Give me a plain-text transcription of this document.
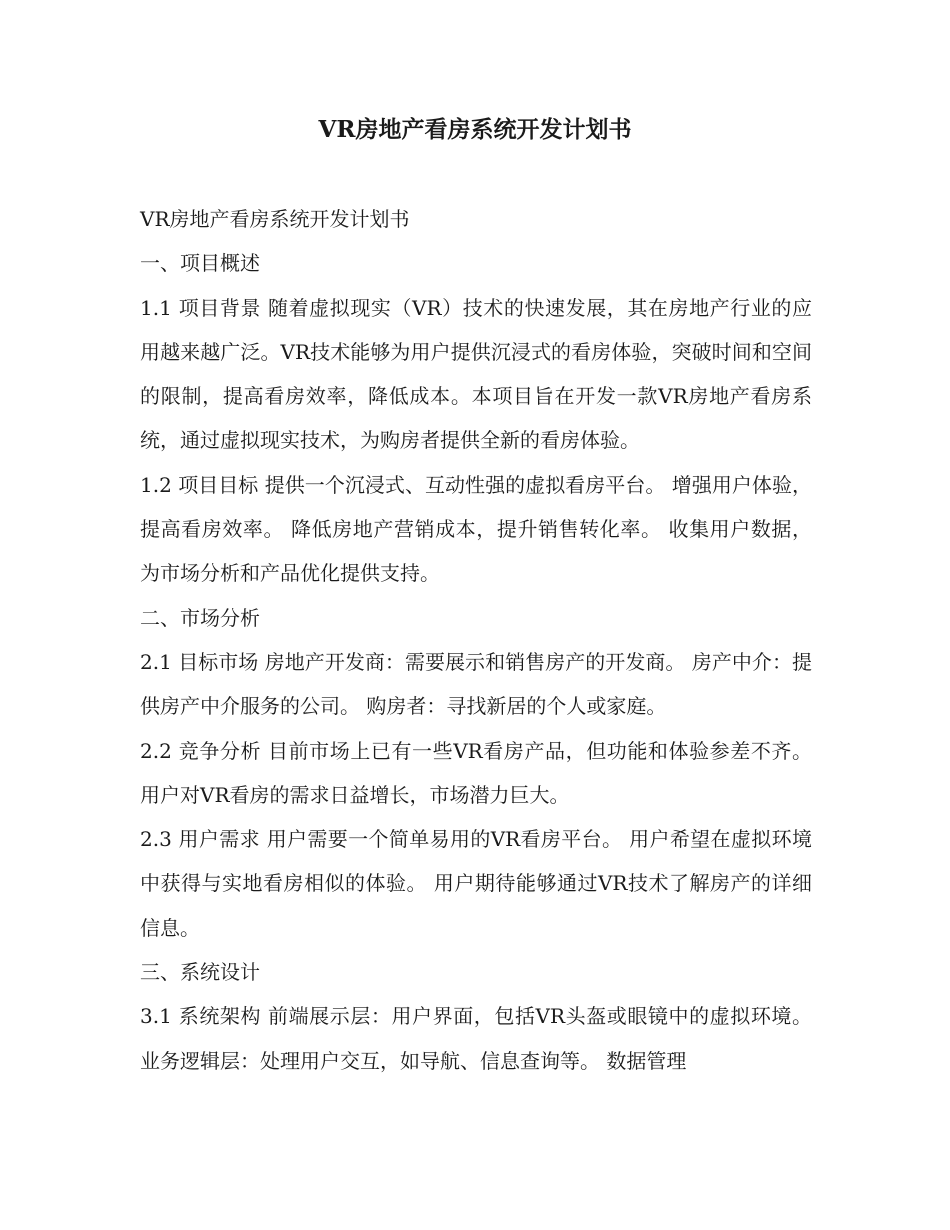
VR房地产看房系统开发计划书

VR房地产看房系统开发计划书

一、项目概述

1.1 项目背景 随着虚拟现实（VR）技术的快速发展，其在房地产行业的应用越来越广泛。VR技术能够为用户提供沉浸式的看房体验，突破时间和空间的限制，提高看房效率，降低成本。本项目旨在开发一款VR房地产看房系统，通过虚拟现实技术，为购房者提供全新的看房体验。

1.2 项目目标 提供一个沉浸式、互动性强的虚拟看房平台。 增强用户体验，提高看房效率。 降低房地产营销成本，提升销售转化率。 收集用户数据，为市场分析和产品优化提供支持。

二、市场分析

2.1 目标市场 房地产开发商：需要展示和销售房产的开发商。 房产中介：提供房产中介服务的公司。 购房者：寻找新居的个人或家庭。

2.2 竞争分析 目前市场上已有一些VR看房产品，但功能和体验参差不齐。 用户对VR看房的需求日益增长，市场潜力巨大。

2.3 用户需求 用户需要一个简单易用的VR看房平台。 用户希望在虚拟环境中获得与实地看房相似的体验。 用户期待能够通过VR技术了解房产的详细信息。

三、系统设计

3.1 系统架构 前端展示层：用户界面，包括VR头盔或眼镜中的虚拟环境。 业务逻辑层：处理用户交互，如导航、信息查询等。 数据管理
